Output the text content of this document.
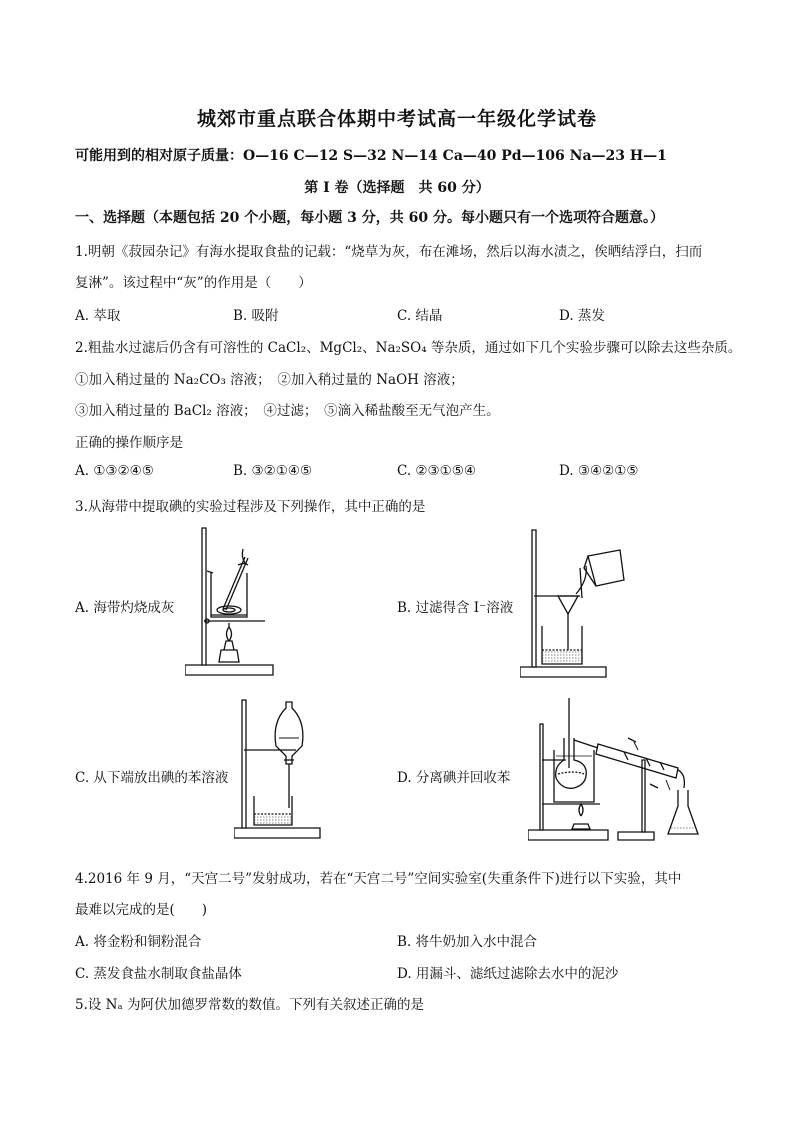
城郊市重点联合体期中考试高一年级化学试卷
可能用到的相对原子质量：O—16 C—12 S—32 N—14 Ca—40 Pd—106 Na—23 H—1
第 I 卷（选择题　共 60 分）
一、选择题（本题包括 20 个小题，每小题 3 分，共 60 分。每小题只有一个选项符合题意。）
1.明朝《菽园杂记》有海水提取食盐的记载：“烧草为灰，布在滩场，然后以海水渍之，俟晒结浮白，扫而
复淋”。该过程中“灰”的作用是（　　）
A. 萃取	B. 吸附	C. 结晶	D. 蒸发
2.粗盐水过滤后仍含有可溶性的 CaCl₂、MgCl₂、Na₂SO₄ 等杂质，通过如下几个实验步骤可以除去这些杂质。
①加入稍过量的 Na₂CO₃ 溶液；　②加入稍过量的 NaOH 溶液；
③加入稍过量的 BaCl₂ 溶液；　④过滤；　⑤滴入稀盐酸至无气泡产生。
正确的操作顺序是
A. ①③②④⑤	B. ③②①④⑤	C. ②③①⑤④	D. ③④②①⑤
3.从海带中提取碘的实验过程涉及下列操作，其中正确的是
A. 海带灼烧成灰	B. 过滤得含 I⁻溶液
C. 从下端放出碘的苯溶液	D. 分离碘并回收苯
4.2016 年 9 月，“天宫二号”发射成功，若在“天宫二号”空间实验室(失重条件下)进行以下实验，其中
最难以完成的是(　　)
A. 将金粉和铜粉混合	B. 将牛奶加入水中混合
C. 蒸发食盐水制取食盐晶体	D. 用漏斗、滤纸过滤除去水中的泥沙
5.设 Nₐ 为阿伏加德罗常数的数值。下列有关叙述正确的是
